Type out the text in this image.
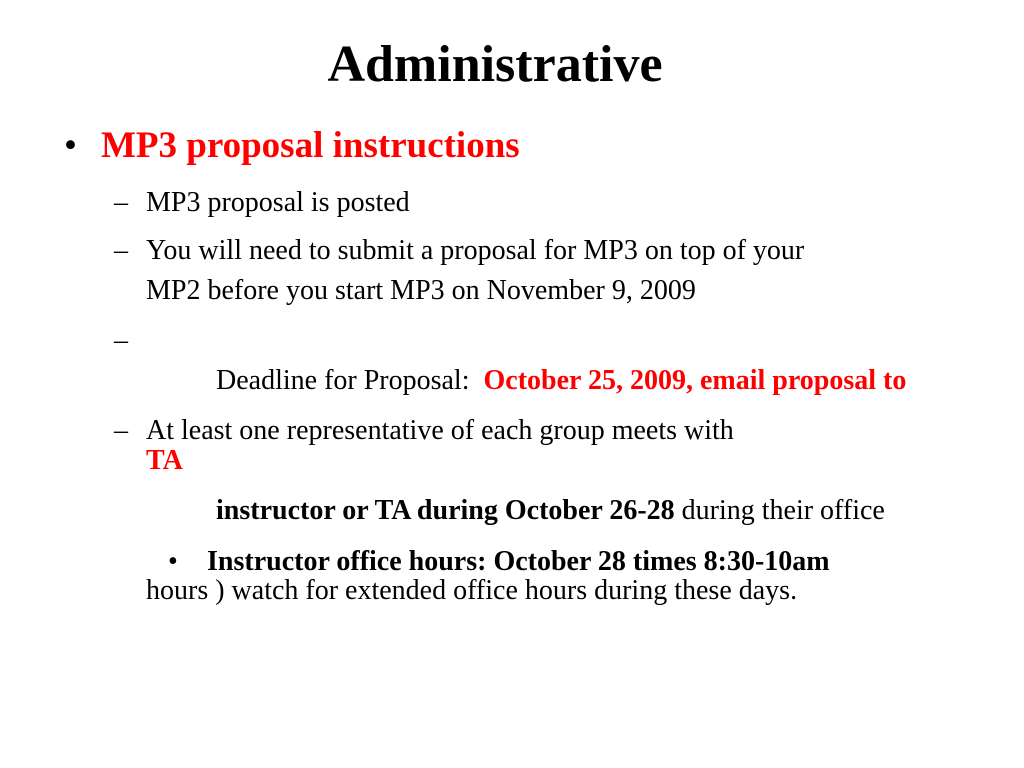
Administrative
• MP3 proposal instructions
– MP3 proposal is posted
– You will need to submit a proposal for MP3 on top of your
MP2 before you start MP3 on November 9, 2009
–

Deadline for Proposal:  October 25, 2009, email proposal to

TA
– At least one representative of each group meets with

instructor or TA during October 26-28 during their office

hours ) watch for extended office hours during these days.
• Instructor office hours: October 28 times 8:30-10am
